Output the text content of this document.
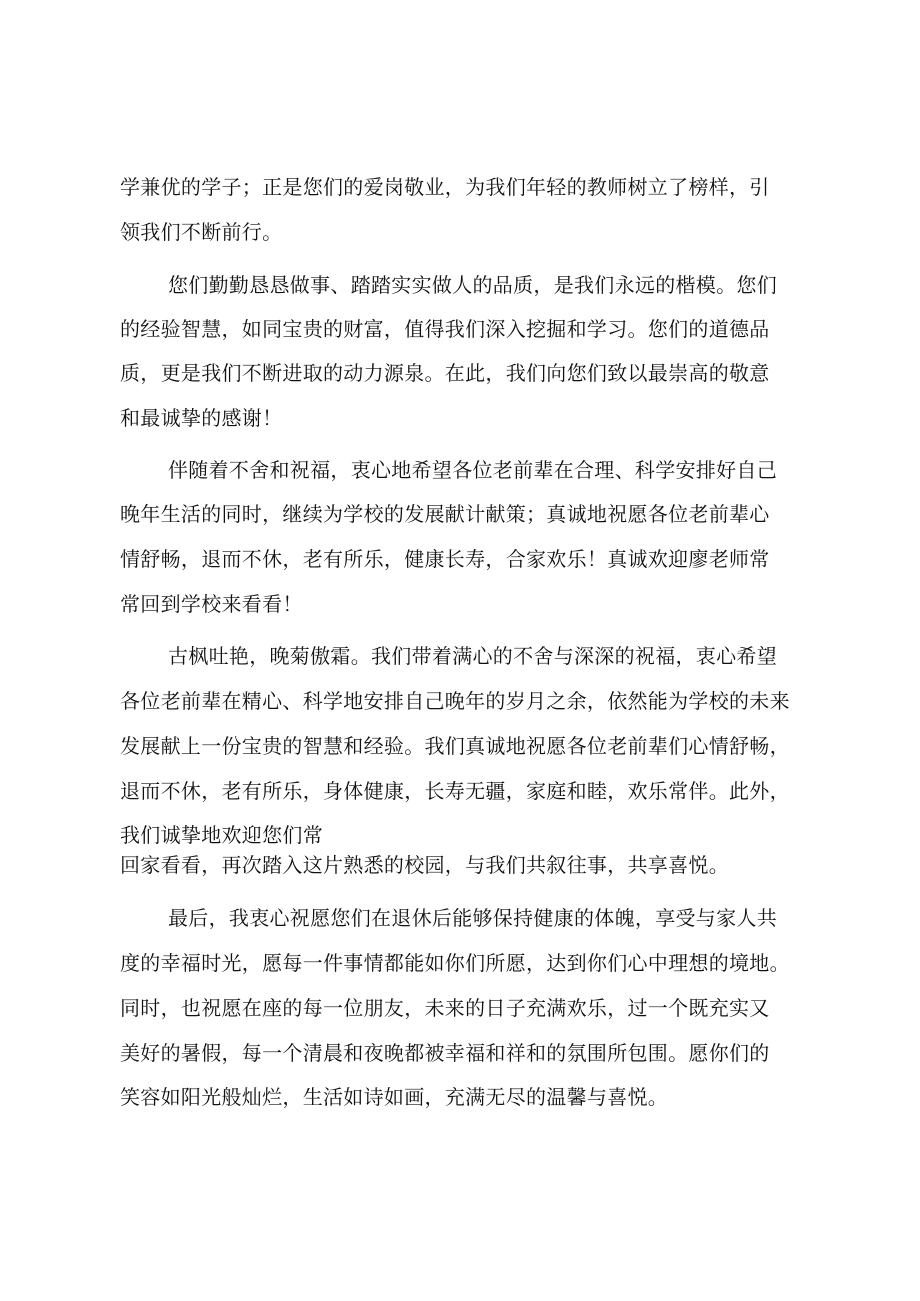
学兼优的学子；正是您们的爱岗敬业，为我们年轻的教师树立了榜样，引
领我们不断前行。
您们勤勤恳恳做事、踏踏实实做人的品质，是我们永远的楷模。您们
的经验智慧，如同宝贵的财富，值得我们深入挖掘和学习。您们的道德品
质，更是我们不断进取的动力源泉。在此，我们向您们致以最崇高的敬意
和最诚挚的感谢！
伴随着不舍和祝福，衷心地希望各位老前辈在合理、科学安排好自己
晚年生活的同时，继续为学校的发展献计献策；真诚地祝愿各位老前辈心
情舒畅，退而不休，老有所乐，健康长寿，合家欢乐！真诚欢迎廖老师常
常回到学校来看看！
古枫吐艳，晚菊傲霜。我们带着满心的不舍与深深的祝福，衷心希望
各位老前辈在精心、科学地安排自己晚年的岁月之余，依然能为学校的未来
发展献上一份宝贵的智慧和经验。我们真诚地祝愿各位老前辈们心情舒畅，
退而不休，老有所乐，身体健康，长寿无疆，家庭和睦，欢乐常伴。此外，
我们诚挚地欢迎您们常
回家看看，再次踏入这片熟悉的校园，与我们共叙往事，共享喜悦。
最后，我衷心祝愿您们在退休后能够保持健康的体魄，享受与家人共
度的幸福时光，愿每一件事情都能如你们所愿，达到你们心中理想的境地。
同时，也祝愿在座的每一位朋友，未来的日子充满欢乐，过一个既充实又
美好的暑假，每一个清晨和夜晚都被幸福和祥和的氛围所包围。愿你们的
笑容如阳光般灿烂，生活如诗如画，充满无尽的温馨与喜悦。
